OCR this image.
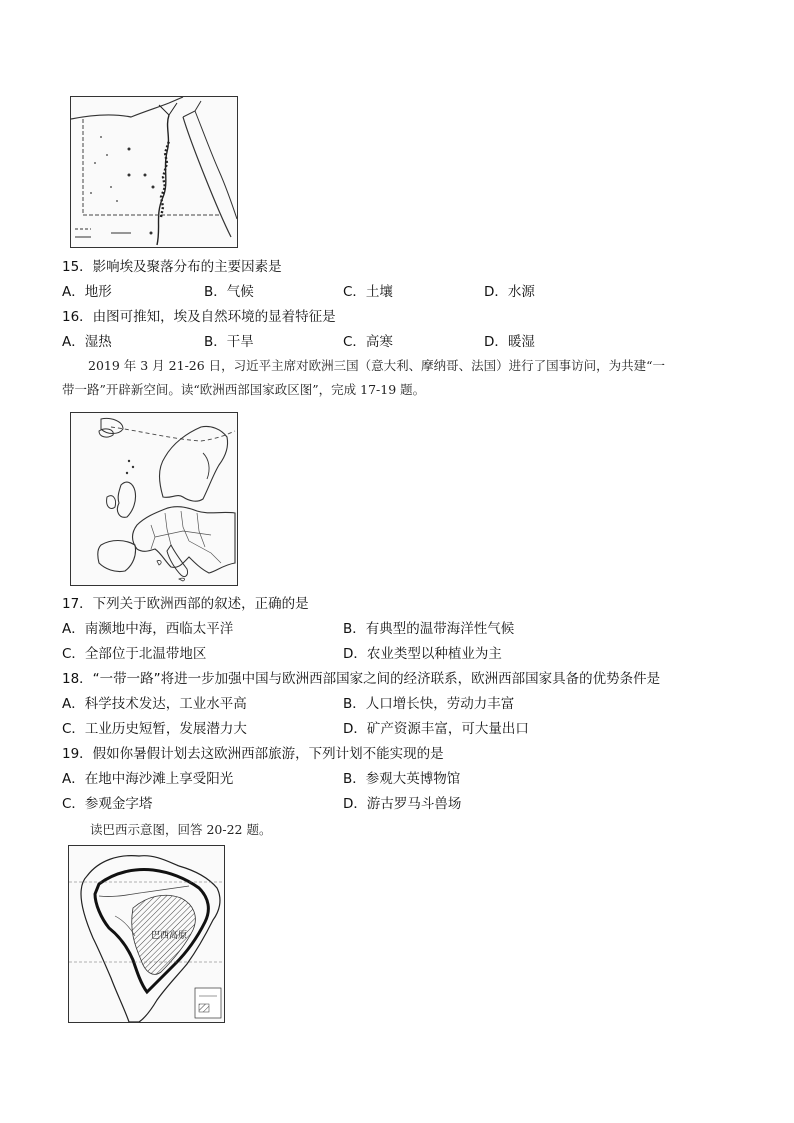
15．影响埃及聚落分布的主要因素是
A．地形	B．气候	C．土壤	D．水源
16．由图可推知，埃及自然环境的显着特征是
A．湿热	B．干旱	C．高寒	D．暖湿
2019 年 3 月 21-26 日，习近平主席对欧洲三国（意大利、摩纳哥、法国）进行了国事访问，为共建“一
带一路”开辟新空间。读“欧洲西部国家政区图”，完成 17-19 题。
17．下列关于欧洲西部的叙述，正确的是
A．南濒地中海，西临太平洋	B．有典型的温带海洋性气候
C．全部位于北温带地区	D．农业类型以种植业为主
18．“一带一路”将进一步加强中国与欧洲西部国家之间的经济联系，欧洲西部国家具备的优势条件是
A．科学技术发达，工业水平高	B．人口增长快，劳动力丰富
C．工业历史短暂，发展潜力大	D．矿产资源丰富，可大量出口
19．假如你暑假计划去这欧洲西部旅游，下列计划不能实现的是
A．在地中海沙滩上享受阳光	B．参观大英博物馆
C．参观金字塔	D．游古罗马斗兽场
读巴西示意图，回答 20-22 题。
巴西高原
